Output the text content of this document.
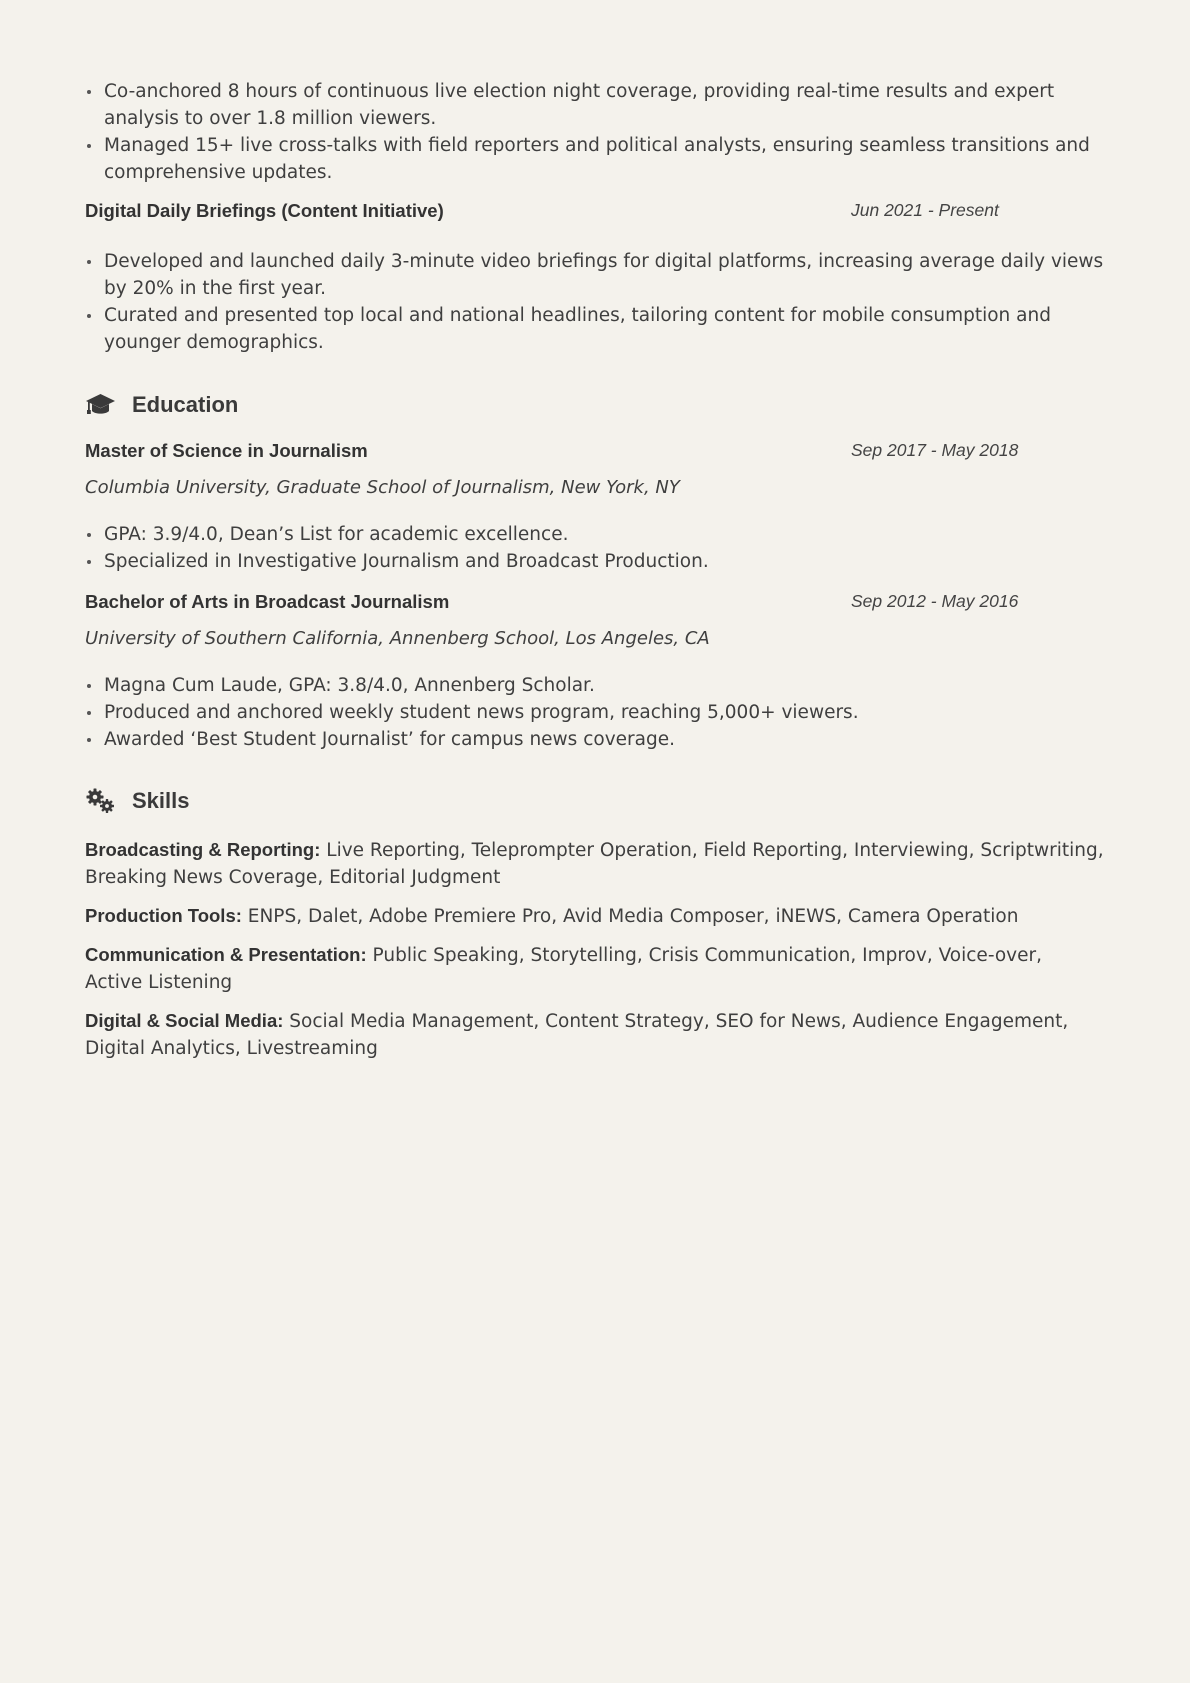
Co-anchored 8 hours of continuous live election night coverage, providing real-time results and expert analysis to over 1.8 million viewers.
Managed 15+ live cross-talks with field reporters and political analysts, ensuring seamless transitions and comprehensive updates.
Digital Daily Briefings (Content Initiative)	Jun 2021 - Present
Developed and launched daily 3-minute video briefings for digital platforms, increasing average daily views by 20% in the first year.
Curated and presented top local and national headlines, tailoring content for mobile consumption and younger demographics.
Education
Master of Science in Journalism	Sep 2017 - May 2018
Columbia University, Graduate School of Journalism, New York, NY
GPA: 3.9/4.0, Dean’s List for academic excellence.
Specialized in Investigative Journalism and Broadcast Production.
Bachelor of Arts in Broadcast Journalism	Sep 2012 - May 2016
University of Southern California, Annenberg School, Los Angeles, CA
Magna Cum Laude, GPA: 3.8/4.0, Annenberg Scholar.
Produced and anchored weekly student news program, reaching 5,000+ viewers.
Awarded ‘Best Student Journalist’ for campus news coverage.
Skills
Broadcasting & Reporting: Live Reporting, Teleprompter Operation, Field Reporting, Interviewing, Scriptwriting, Breaking News Coverage, Editorial Judgment
Production Tools: ENPS, Dalet, Adobe Premiere Pro, Avid Media Composer, iNEWS, Camera Operation
Communication & Presentation: Public Speaking, Storytelling, Crisis Communication, Improv, Voice-over, Active Listening
Digital & Social Media: Social Media Management, Content Strategy, SEO for News, Audience Engagement, Digital Analytics, Livestreaming
